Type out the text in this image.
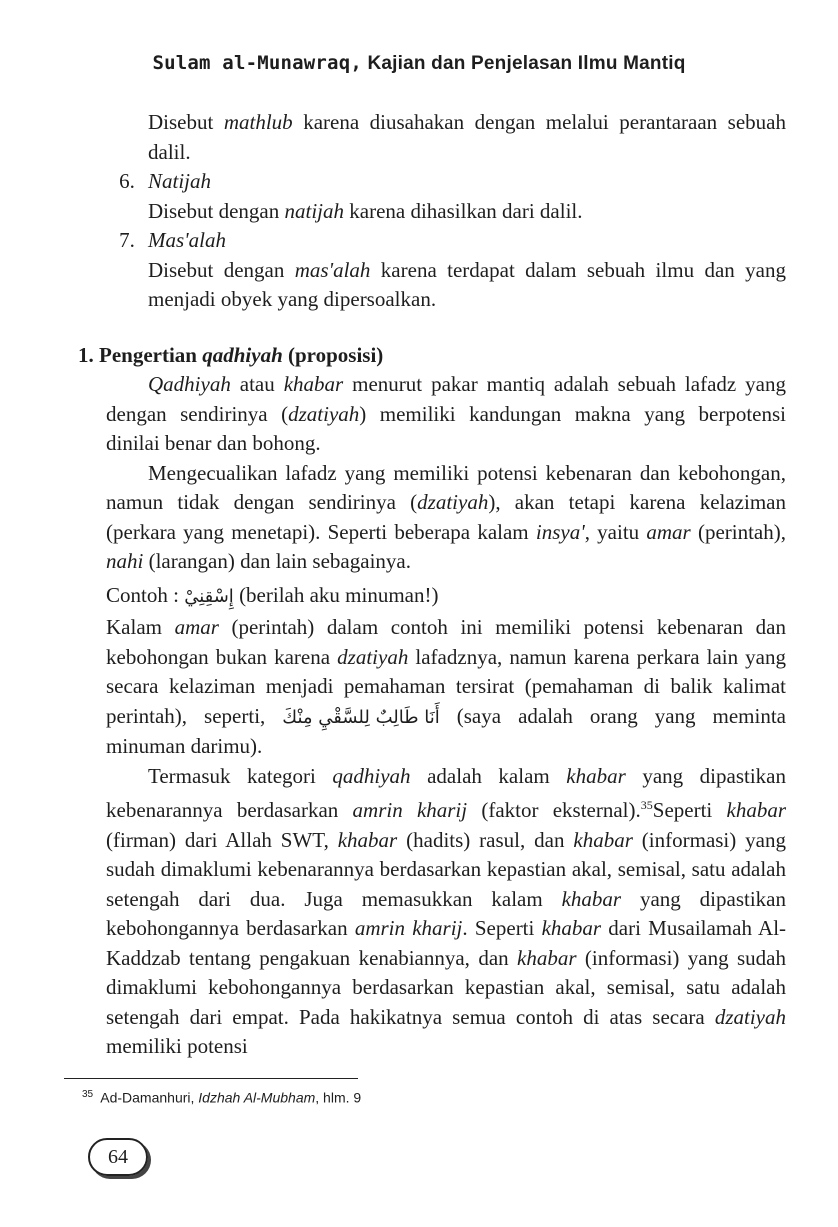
Sulam al-Munawraq, Kajian dan Penjelasan Ilmu Mantiq

Disebut mathlub karena diusahakan dengan melalui perantaraan sebuah dalil.

6. Natijah

Disebut dengan natijah karena dihasilkan dari dalil.

7. Mas'alah

Disebut dengan mas'alah karena terdapat dalam sebuah ilmu dan yang menjadi obyek yang dipersoalkan.

1. Pengertian qadhiyah (proposisi)

Qadhiyah atau khabar menurut pakar mantiq adalah sebuah lafadz yang dengan sendirinya (dzatiyah) memiliki kandungan makna yang berpotensi dinilai benar dan bohong.

Mengecualikan lafadz yang memiliki potensi kebenaran dan kebohongan, namun tidak dengan sendirinya (dzatiyah), akan tetapi karena kelaziman (perkara yang menetapi). Seperti beberapa kalam insya', yaitu amar (perintah), nahi (larangan) dan lain sebagainya.

Contoh : إِسْقِنِيْ (berilah aku minuman!)

Kalam amar (perintah) dalam contoh ini memiliki potensi kebenaran dan kebohongan bukan karena dzatiyah lafadznya, namun karena perkara lain yang secara kelaziman menjadi pemahaman tersirat (pemahaman di balik kalimat perintah), seperti, أَنَا طَالِبٌ لِلسَّقْيِ مِنْكَ (saya adalah orang yang meminta minuman darimu).

Termasuk kategori qadhiyah adalah kalam khabar yang dipastikan kebenarannya berdasarkan amrin kharij (faktor eksternal).$^{35}$Seperti khabar (firman) dari Allah SWT, khabar (hadits) rasul, dan khabar (informasi) yang sudah dimaklumi kebenarannya berdasarkan kepastian akal, semisal, satu adalah setengah dari dua. Juga memasukkan kalam khabar yang dipastikan kebohongannya berdasarkan amrin kharij. Seperti khabar dari Musailamah Al-Kaddzab tentang pengakuan kenabiannya, dan khabar (informasi) yang sudah dimaklumi kebohongannya berdasarkan kepastian akal, semisal, satu adalah setengah dari empat. Pada hakikatnya semua contoh di atas secara dzatiyah memiliki potensi

$^{35}$ Ad-Damanhuri, Idzhah Al-Mubham, hlm. 9
64
